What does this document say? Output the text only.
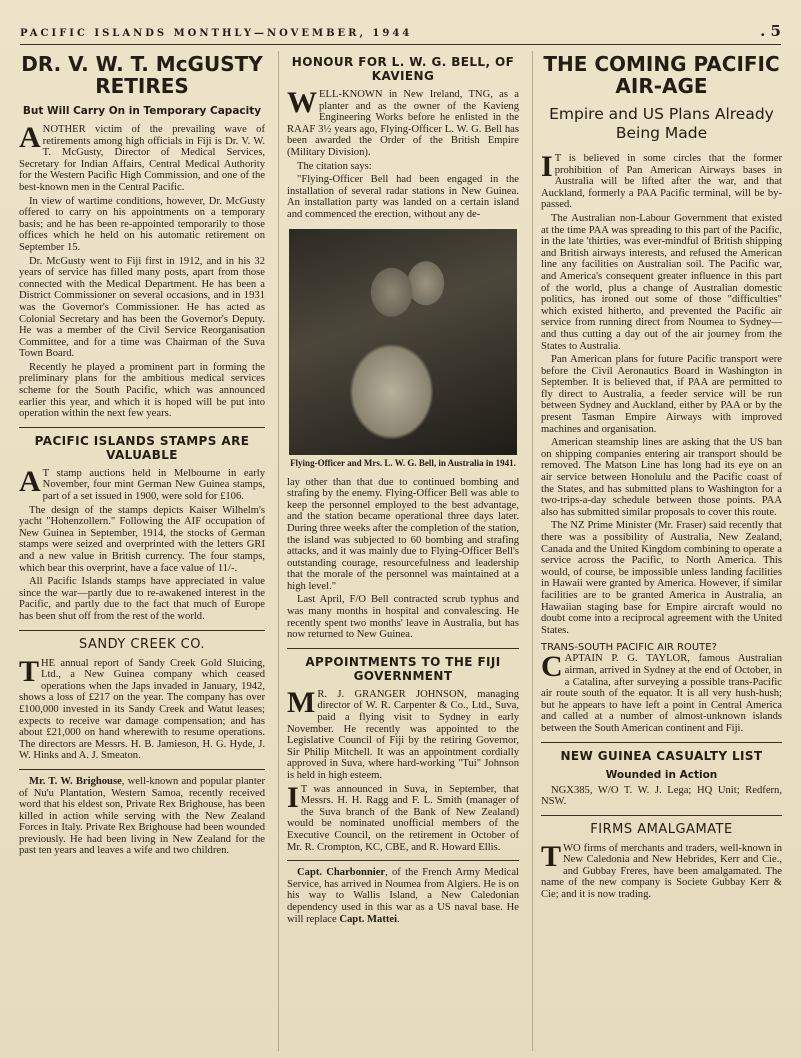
PACIFIC ISLANDS MONTHLY—NOVEMBER, 1944	. 5
DR. V. W. T. McGUSTY RETIRES
But Will Carry On in Temporary Capacity

ANOTHER victim of the prevailing wave of retirements among high officials in Fiji is Dr. V. W. T. McGusty, Director of Medical Services, Secretary for Indian Affairs, Central Medical Authority for the Western Pacific High Commission, and one of the best-known men in the Central Pacific.

In view of wartime conditions, however, Dr. McGusty offered to carry on his appointments on a temporary basis; and he has been re-appointed temporarily to those offices which he held on his automatic retirement on September 15.

Dr. McGusty went to Fiji first in 1912, and in his 32 years of service has filled many posts, apart from those connected with the Medical Department. He has been a District Commissioner on several occasions, and in 1931 was the Governor's Commissioner. He has acted as Colonial Secretary and has been the Governor's Deputy. He was a member of the Civil Service Reorganisation Committee, and for a time was Chairman of the Suva Town Board.

Recently he played a prominent part in forming the preliminary plans for the ambitious medical services scheme for the South Pacific, which was announced earlier this year, and which it is hoped will be put into operation within the next few years.

PACIFIC ISLANDS STAMPS ARE VALUABLE

AT stamp auctions held in Melbourne in early November, four mint German New Guinea stamps, part of a set issued in 1900, were sold for £106.

The design of the stamps depicts Kaiser Wilhelm's yacht "Hohenzollern." Following the AIF occupation of New Guinea in September, 1914, the stocks of German stamps were seized and overprinted with the letters GRI and a new value in British currency. The four stamps, which bear this overprint, have a face value of 11/-.

All Pacific Islands stamps have appreciated in value since the war—partly due to re-awakened interest in the Pacific, and partly due to the fact that much of Europe has been shut off from the rest of the world.

SANDY CREEK CO.

THE annual report of Sandy Creek Gold Sluicing, Ltd., a New Guinea company which ceased operations when the Japs invaded in January, 1942, shows a loss of £217 on the year. The company has over £100,000 invested in its Sandy Creek and Watut leases; expects to receive war damage compensation; and has about £21,000 on hand wherewith to resume operations. The directors are Messrs. H. B. Jamieson, H. G. Hyde, J. W. Hinks and A. J. Smeaton.

Mr. T. W. Brighouse, well-known and popular planter of Nu'u Plantation, Western Samoa, recently received word that his eldest son, Private Rex Brighouse, has been killed in action while serving with the New Zealand Forces in Italy. Private Rex Brighouse had been wounded previously. He had been living in New Zealand for the past ten years and leaves a wife and two children.

HONOUR FOR L. W. G. BELL, OF KAVIENG

WELL-KNOWN in New Ireland, TNG, as a planter and as the owner of the Kavieng Engineering Works before he enlisted in the RAAF 3½ years ago, Flying-Officer L. W. G. Bell has been awarded the Order of the British Empire (Military Division).

The citation says:

"Flying-Officer Bell had been engaged in the installation of several radar stations in New Guinea. An installation party was landed on a certain island and commenced the erection, without any de-

Flying-Officer and Mrs. L. W. G. Bell, in Australia in 1941.

lay other than that due to continued bombing and strafing by the enemy. Flying-Officer Bell was able to keep the personnel employed to the best advantage, and the station became operational three days later. During three weeks after the completion of the station, the island was subjected to 60 bombing and strafing attacks, and it was mainly due to Flying-Officer Bell's outstanding courage, resourcefulness and leadership that the morale of the personnel was maintained at a high level."

Last April, F/O Bell contracted scrub typhus and was many months in hospital and convalescing. He recently spent two months' leave in Australia, but has now returned to New Guinea.

APPOINTMENTS TO THE FIJI GOVERNMENT

MR. J. GRANGER JOHNSON, managing director of W. R. Carpenter & Co., Ltd., Suva, paid a flying visit to Sydney in early November. He recently was appointed to the Legislative Council of Fiji by the retiring Governor, Sir Philip Mitchell. It was an appointment cordially approved in Suva, where hard-working "Tui" Johnson is held in high esteem.

IT was announced in Suva, in September, that Messrs. H. H. Ragg and F. L. Smith (manager of the Suva branch of the Bank of New Zealand) would be nominated unofficial members of the Executive Council, on the retirement in October of Mr. R. Crompton, KC, CBE, and R. Howard Ellis.

Capt. Charbonnier, of the French Army Medical Service, has arrived in Noumea from Algiers. He is on his way to Wallis Island, a New Caledonian dependency used in this war as a US naval base. He will replace Capt. Mattei.

THE COMING PACIFIC AIR-AGE
Empire and US Plans Already Being Made

IT is believed in some circles that the former prohibition of Pan American Airways bases in Australia will be lifted after the war, and that Auckland, formerly a PAA Pacific terminal, will be by-passed.

The Australian non-Labour Government that existed at the time PAA was spreading to this part of the Pacific, in the late 'thirties, was ever-mindful of British shipping and British airways interests, and refused the American line any facilities on Australian soil. The Pacific war, and America's consequent greater influence in this part of the world, plus a change of Australian domestic politics, has ironed out some of those "difficulties" which existed hitherto, and prevented the Pacific air service from running direct from Noumea to Sydney—and thus cutting a day out of the air journey from the States to Australia.

Pan American plans for future Pacific transport were before the Civil Aeronautics Board in Washington in September. It is believed that, if PAA are permitted to fly direct to Australia, a feeder service will be run between Sydney and Auckland, either by PAA or by the present Tasman Empire Airways with improved machines and organisation.

American steamship lines are asking that the US ban on shipping companies entering air transport should be removed. The Matson Line has long had its eye on an air service between Honolulu and the Pacific coast of the States, and has submitted plans to Washington for a two-trips-a-day schedule between those points. PAA also has submitted similar proposals to cover this route.

The NZ Prime Minister (Mr. Fraser) said recently that there was a possibility of Australia, New Zealand, Canada and the United Kingdom combining to operate a service across the Pacific, to North America. This would, of course, be impossible unless landing facilities in Hawaii were granted by America. However, if similar facilities are to be granted America in Australia, an Hawaiian staging base for Empire aircraft would no doubt come into a reciprocal agreement with the United States.

TRANS-SOUTH PACIFIC AIR ROUTE?

CAPTAIN P. G. TAYLOR, famous Australian airman, arrived in Sydney at the end of October, in a Catalina, after surveying a possible trans-Pacific air route south of the equator. It is all very hush-hush; but he appears to have left a point in Central America and called at a number of almost-unknown islands between the South American continent and Fiji.

NEW GUINEA CASUALTY LIST
Wounded in Action

NGX385, W/O T. W. J. Lega; HQ Unit; Redfern, NSW.

FIRMS AMALGAMATE

TWO firms of merchants and traders, well-known in New Caledonia and New Hebrides, Kerr and Cie., and Gubbay Freres, have been amalgamated. The name of the new company is Societe Gubbay Kerr & Cie; and it is now trading.
